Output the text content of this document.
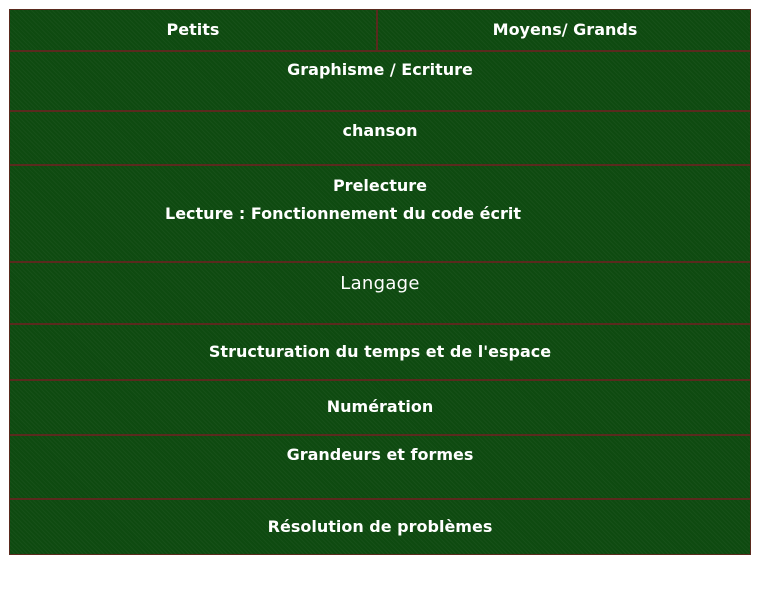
Petits	Moyens/ Grands
Graphisme / Ecriture
chanson
Prelecture
Lecture : Fonctionnement du code écrit
Langage
Structuration du temps et de l'espace
Numération
Grandeurs et formes
Résolution de problèmes
